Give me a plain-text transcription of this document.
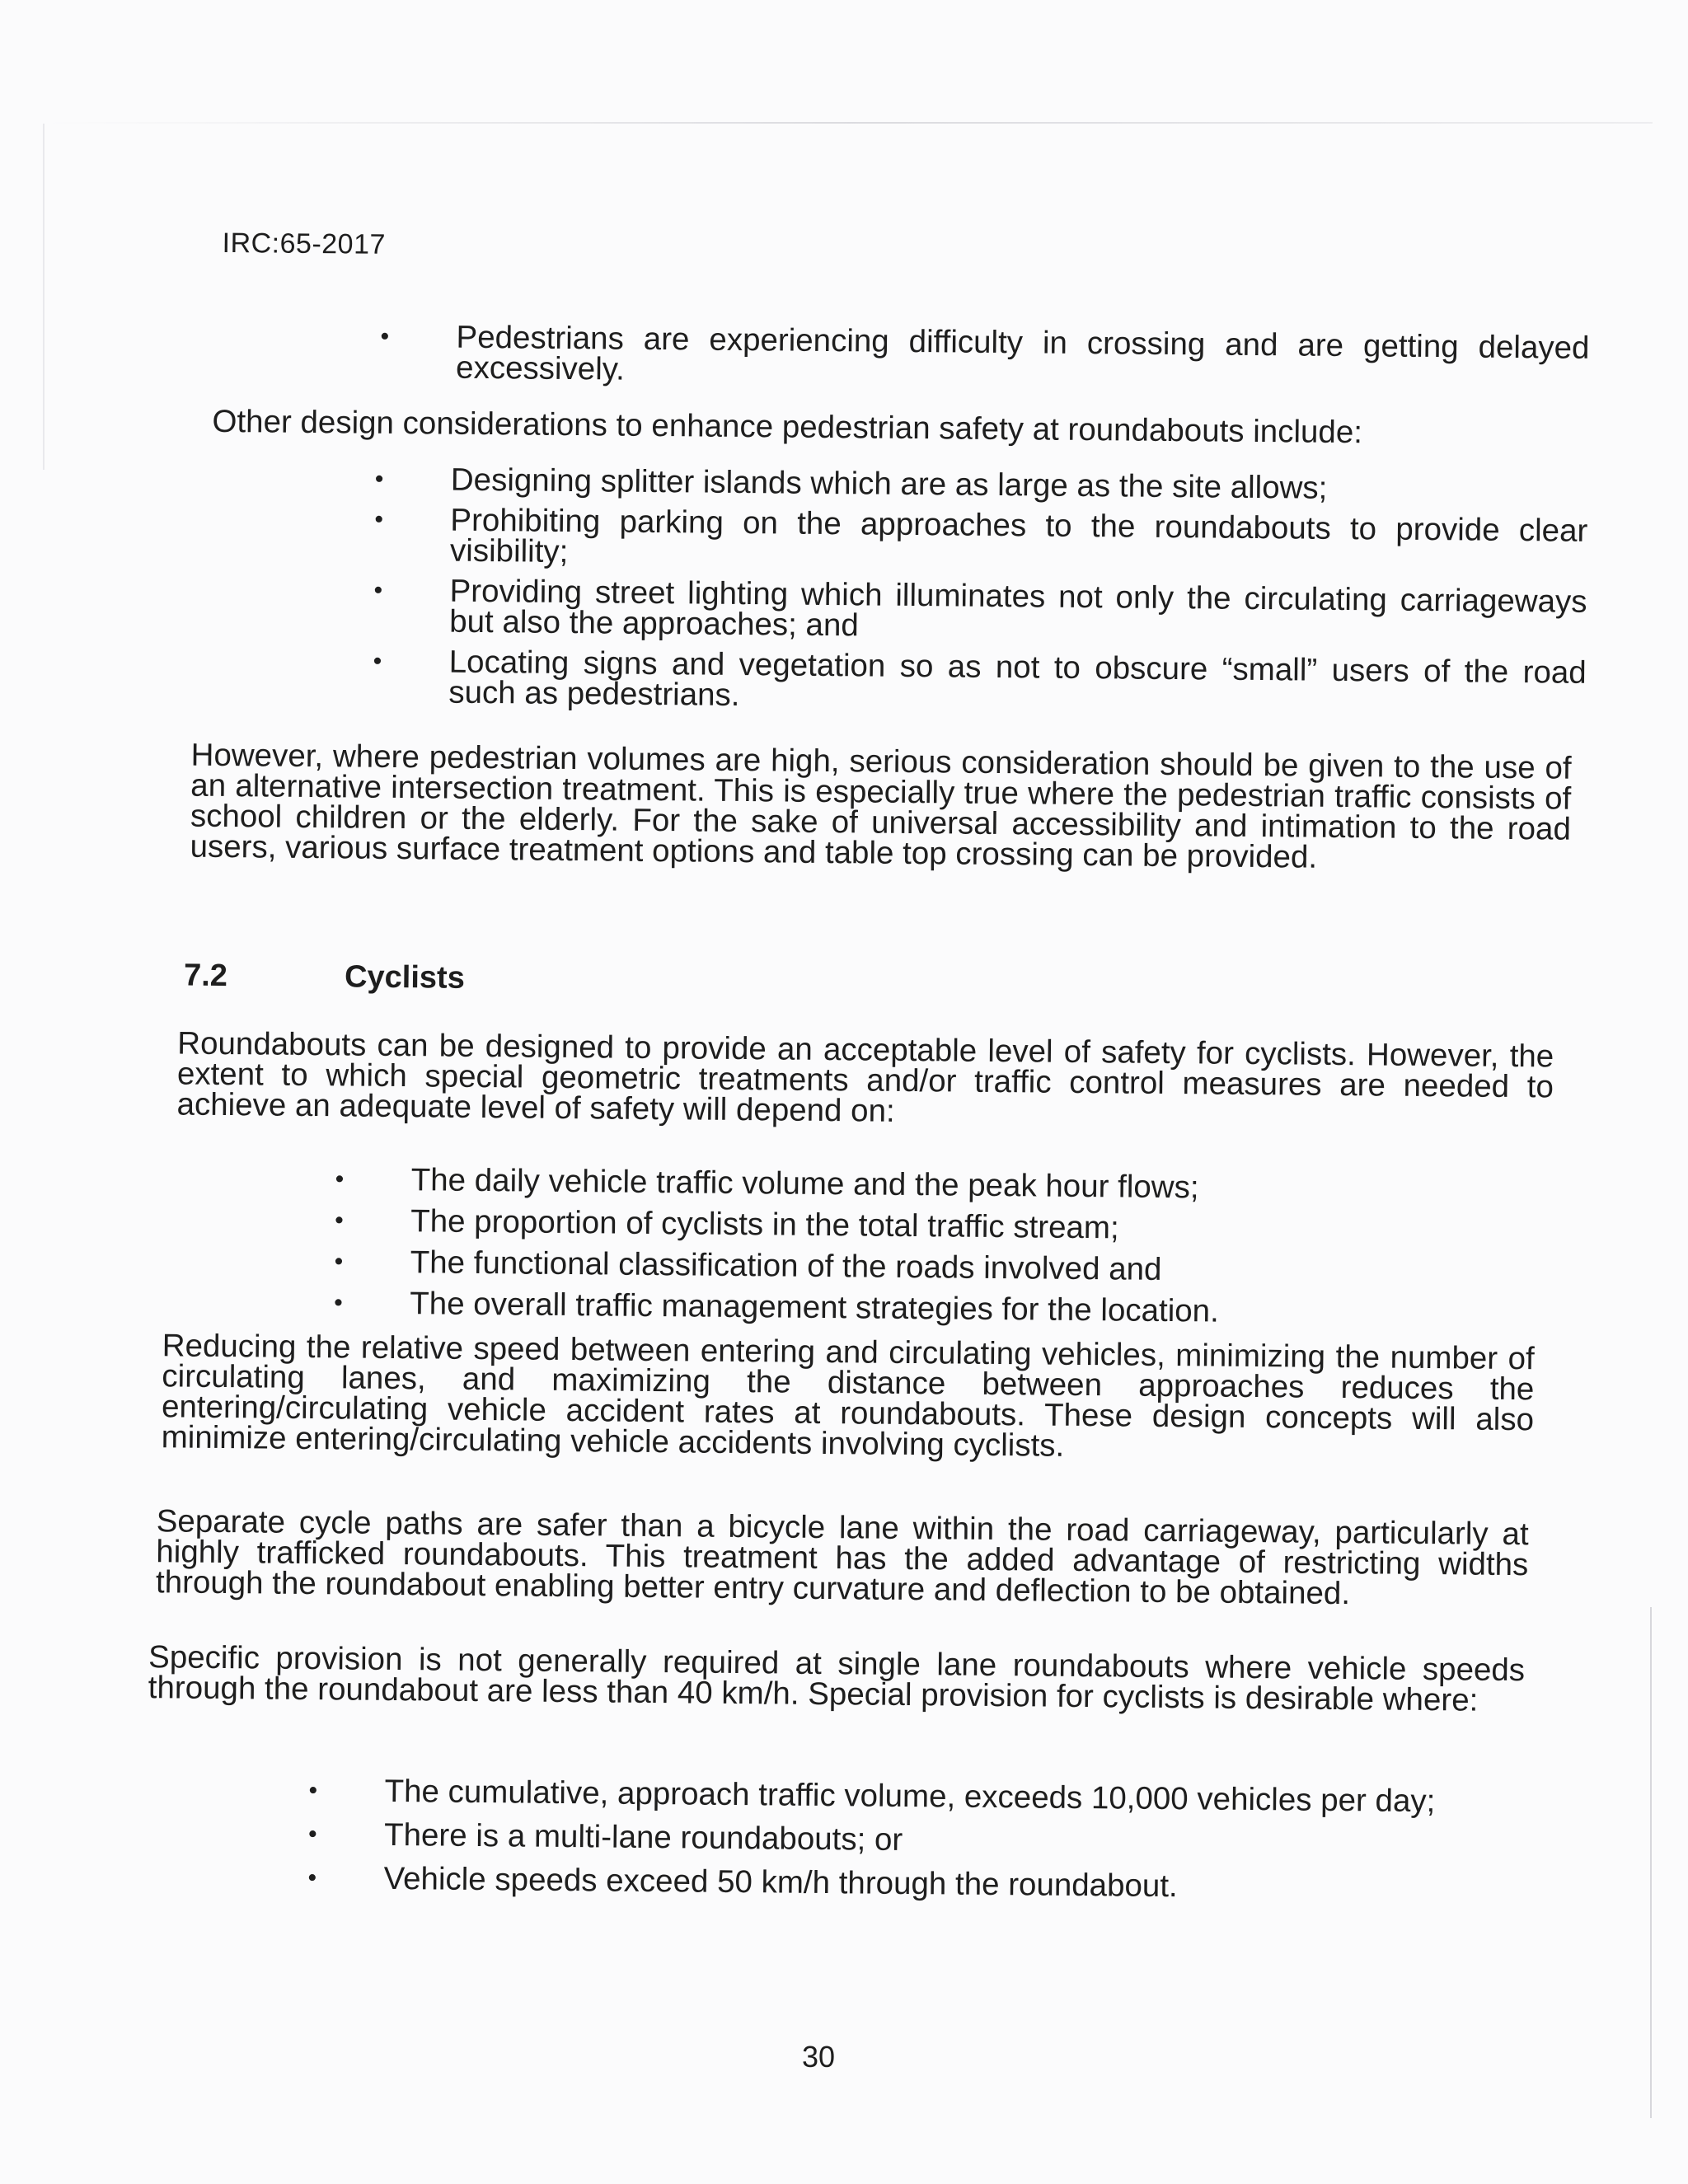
IRC:65-2017
• Pedestrians are experiencing difficulty in crossing and are getting delayed excessively.
Other design considerations to enhance pedestrian safety at roundabouts include:
• Designing splitter islands which are as large as the site allows;
• Prohibiting parking on the approaches to the roundabouts to provide clear visibility;
• Providing street lighting which illuminates not only the circulating carriageways but also the approaches; and
• Locating signs and vegetation so as not to obscure “small” users of the road such as pedestrians.
However, where pedestrian volumes are high, serious consideration should be given to the use of an alternative intersection treatment. This is especially true where the pedestrian traffic consists of school children or the elderly. For the sake of universal accessibility and intimation to the road users, various surface treatment options and table top crossing can be provided.
7.2	Cyclists
Roundabouts can be designed to provide an acceptable level of safety for cyclists. However, the extent to which special geometric treatments and/or traffic control measures are needed to achieve an adequate level of safety will depend on:
• The daily vehicle traffic volume and the peak hour flows;
• The proportion of cyclists in the total traffic stream;
• The functional classification of the roads involved and
• The overall traffic management strategies for the location.
Reducing the relative speed between entering and circulating vehicles, minimizing the number of circulating lanes, and maximizing the distance between approaches reduces the entering/circulating vehicle accident rates at roundabouts. These design concepts will also minimize entering/circulating vehicle accidents involving cyclists.
Separate cycle paths are safer than a bicycle lane within the road carriageway, particularly at highly trafficked roundabouts. This treatment has the added advantage of restricting widths through the roundabout enabling better entry curvature and deflection to be obtained.
Specific provision is not generally required at single lane roundabouts where vehicle speeds through the roundabout are less than 40 km/h. Special provision for cyclists is desirable where:
• The cumulative, approach traffic volume, exceeds 10,000 vehicles per day;
• There is a multi-lane roundabouts; or
• Vehicle speeds exceed 50 km/h through the roundabout.
30
